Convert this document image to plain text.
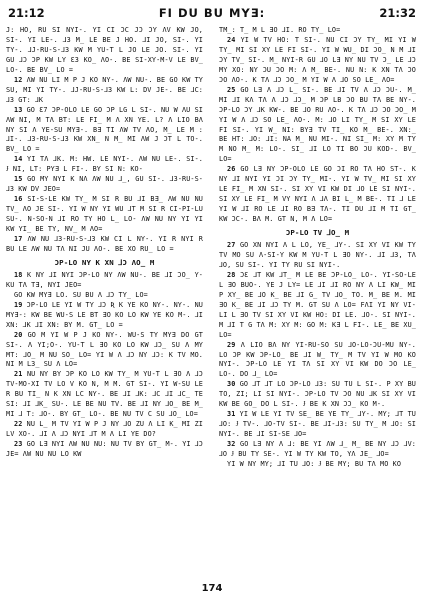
21:12	FI DU BU MYƎ:	21:32

J: HO, RU SI NYI-. YI CI ƆC JƆ ƆY ΛV KW JO, SI-. YI LE-. ⅃3 M_ LE BE J HO. ⅃I JO, SI-. YI TY-. ⅃J-RU-S-⅃3 KW M YU-T L JO LE JO. SI-. YI GU ⅃Ɔ ƆP KW LY Ɛ3 KO_ ΛO-. BE SI-XY-M-V LE BV_ LO-. BE BV_ LO =

12 ΛW NU LI M P J KO NY-. ΛW NU-. BE GO KW TY SU, MI YI TY-. ⅃J-RU-S-⅃3 KW L: DV JE-. BE ⅃C: ⅃3 GT: ⅃K

13 GO Ɛ7 ƆP-OLO LE GO ƆP LG L SI-. NU W ΛU SI ΛW NI, M TΛ BT: LE FI_ M Λ XN YE. L? Λ LIO BΛ NY SI Λ YE-SU MYƎ-. BƎ TI ΛW TV ΛO, M_ LE M : ⅃I-. ⅃3-RU-S-⅃3 KW XN_ N M_ MI ΛW J ƆT L TO-. BV_ LO =

14 YI TΛ ⅃K. M: HW. LE NYI-. ΛW NU LE-. SI-. Ɉ NI, LT: PYƎ L FI-. BY SI N: KO-

15 GO MY NYI K NΛ ΛW NU ⅃_, GU SI-. ⅃3-RU-S-⅃3 KW DV JEO=

16 SI-S-LE KW TY_ M SI R BU ⅃I BƎ_ ΛW NU NU TV_ ΛO JE SI-. YI W NY YI WU ⅃T M SI R CI-PI-LU SU-. N-SO-N ⅃I RO TY HO L_ LO- ΛW NU NY YI YI KW YI_ BE TY, NV_ M ΛO=

17 ΛW NU ⅃3-RU-S-⅃3 KW CI L NY-. YI R NYI R BU LE ΛW NU TΛ NI JU ΛO-. BE XO RU_ LO =

ƆP-LO NY K XN ⅃Ɔ ΛO_ M

18 K NY ⅃I NYI ƆP-LO NY ΛW NU-. BE ⅃I ƆO_ Y-KU TΛ TƎ, NYI JEO=

GO KW MYƎ LO. SU BU Λ ⅃Ɔ TY_ LO=

19 ƆP-LO LE YI W TY ⅃Ɔ Ʀ K YE KO NY-. NY-. NU MYƎ-: KW BE WU-S LE BT ƎO KO LO KW YE KO M-. ⅃I XN: ⅃K ⅃I XN: BY M. GT_ LO =

20 GO M YI W P J KO NY-. WU-S TY MYƎ DO GT SI-. Λ YI;O-. YU-T L ƎO KO LO KW ⅃Ɔ_ SU Λ MY MT: ⅃O_ M NU SO_ LO= YI W Λ ⅃Ɔ NY ⅃Ɔ: K TV MO. NI M L3_ SU Λ LO=

21 NU NY BY ƆP KO LO KW TY_ M YU-T L ƎO Λ ⅃Ɔ TV-MO-XI TV LO V KO N, M M. GT SI-. YI W-SU LE R BU TI_ N K XN LC NY-. BE ⅃I ⅃K: ⅃C ⅃I ⅃C_ TE SI: ⅃I ⅃K_ SU-. LE BE NU TV. BE ⅃I NY ⅃O_ BE M_ MI ⅃ T: ⅃O-. BY GT_ LO-. BE NU TV C SU ⅃O_ LO=

22 NU L_ M TV YI W P J NY ⅃O ZU Λ LI K_ MI ZI LV XO-. ⅃I Λ ⅃Ɔ NYI ⅃T M Λ LI YE DO?

23 GO LƎ NYI ΛW NU NU: NU TV BY GT_ M-. YI ⅃Ɔ JE= ΛW NU NU LO KW

TM_: T_ M L ƎO ⅃I. RO TY_ LO=

24 YI W TV HO: T SI-. NU CI ƆY TY_ MI YI W TY_ MI SI XY LE FI SI-. YI W WU_ DI ƆO_ N M ⅃I ƆY TV_ SI-. M_ NYI-R GU ⅃O LƎ NY NU TV Ɔ_ LE ⅃Ɔ MY XO: NY ƆU ƆO M: Λ M_ BE-. NU N: K XN TΛ ƆO ƆO ΛO-. K TΛ ⅃Ɔ ƆO_ M YI W Λ ⅃O SO LE_ ΛO=

25 GO LƎ Λ ⅃Ɔ L_ SI-. BE ⅃I TV Λ ⅃Ɔ ƆU-. M_ MI ⅃I KΛ TΛ Λ ⅃Ɔ ⅃Ɔ_ M ƆP LB ƆO BU TΛ BE NY-. ƆP-LO ƆY ⅃K KW-. BE ⅃O RU ΛO-. K TΛ ⅃Ɔ ƆO ƆO_ M YI W Λ ⅃Ɔ SO LE_ ΛO-. M: ⅃O LI TY_ M SI XY LE FI SI-. YI W_ NI: BYƎ TV TI_ KO M_ BE-. XN:_ BE HT: ⅃O: ⅃I: NA M_ NU MI-. NI SI_ M: XY M TY M NO M_ M: LO-. SI_ ⅃I LO TI BO ƆU KOD-. BV_ LO=

26 GO LƎ NY ƆP-OLO LE GO ƆI RO TΛ HO ST-. K NY ⅃I NYI YI ƆI ƆY TY_ MI-. YI W TV_ MI SI XY LE FI_ M XN SI-. SI XY VI KW DI ⅃O LE SI NYI-. SI XY LE FI_ M VY NYI Λ ⅃Λ BI L_ M BE-. TI ⅃ LE YI W ⅃I RO LE ⅃I RO BƎ TΛ-. TI DU ⅃I M TI GT_ KW ƆC-. BΛ M. GT N, M Λ LO=

ƆP-LO TV ⅃O_ M

27 GO XN NYI Λ L LO, YE_ ⅃Y-. SI XY VI KW TY TV MO SU Λ-SI-Y KW M YU-T L ƎO NY-. ⅃I ⅃3, TΛ ⅃O, SU SI-. YI TY RU SI NYI-.

28 ƆƐ ⅃T KW ⅃T_ M LE BE ƆP-LO_ LO-. YI-SO-LE L ƎO BUO-. YE J LY= LE ⅃I ⅃I RO NY Λ LI KW_ MI P XY_ BE ⅃O K_ BE ⅃I G_ TV ⅃O_ TO. M_ BE M. MI ƎO K_ BE ⅃I ⅃Ɔ TY M. GT SU Λ LO= FΛI YI NY VI-LI L ƎO TV SI XY VI KW HO: DI LE. ⅃O-. SI NYI-. M ⅃I T G TΛ M: XY M: GO M: KƎ L FI-. LE_ BE XU_ LO=

29 Λ LIO BΛ NY YI-RU-SO SU ⅃O-LO-ƆU-MU NY-. LO ƆP KW ƆP-LO_ BE ⅃I W_ TY_ M TV YI W MO KO NYI-. ƆP-LO LE YI TΛ SI XY VI KW DO ƆO LE_ LO-. DO ⅃_ LO=

30 GO ⅃T ⅃T LO ƆP-LO ⅃3: SU TU L SI-. P XY BU TO, ZI; LI SI NYI-. ƆP-LO TV ƆO NU ⅃K SI XY VI KW BE GO_ DO L SI-. Ɉ BE K XN ƆƆ_ KO M-.

31 YI W LE YI TV SE_ BE YE TY_ ⅃Y-. MY; ⅃T TU ⅃O: Ɉ TV-. ⅃O-TV SI-. BE ⅃I-⅃3: SU TY_ M ⅃O: SI NYI-. BE ⅃I SI-SE ⅃O=

32 GO LƎ NY Λ ⅃: BE YI ΛW ⅃_ M_ BE NY ⅃Ɔ ⅃V: ⅃O Ɉ BU TY SE-. YI W TY KW TO, YΛ JE_ ⅃O=

YI W NY MY; ⅃I TU ⅃O: Ɉ BE MY; BU TΛ MO KO

174
